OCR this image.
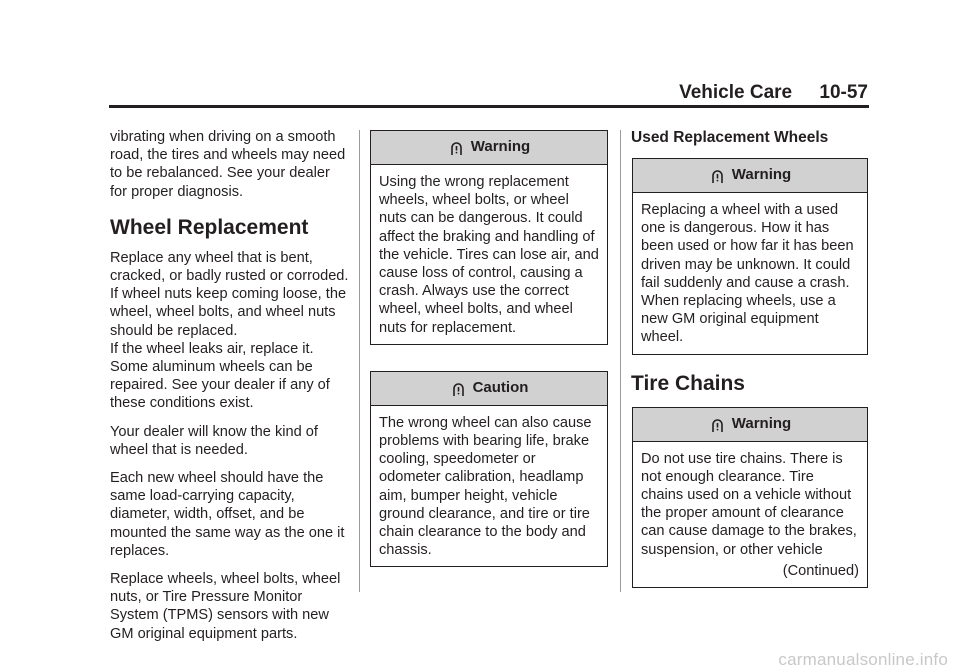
Vehicle Care 10-57

vibrating when driving on a smooth road, the tires and wheels may need to be rebalanced. See your dealer for proper diagnosis.

Wheel Replacement

Replace any wheel that is bent, cracked, or badly rusted or corroded. If wheel nuts keep coming loose, the wheel, wheel bolts, and wheel nuts should be replaced.

If the wheel leaks air, replace it. Some aluminum wheels can be repaired. See your dealer if any of these conditions exist.

Your dealer will know the kind of wheel that is needed.

Each new wheel should have the same load-carrying capacity, diameter, width, offset, and be mounted the same way as the one it replaces.

Replace wheels, wheel bolts, wheel nuts, or Tire Pressure Monitor System (TPMS) sensors with new GM original equipment parts.

Warning

Using the wrong replacement wheels, wheel bolts, or wheel nuts can be dangerous. It could affect the braking and handling of the vehicle. Tires can lose air, and cause loss of control, causing a crash. Always use the correct wheel, wheel bolts, and wheel nuts for replacement.

Caution

The wrong wheel can also cause problems with bearing life, brake cooling, speedometer or odometer calibration, headlamp aim, bumper height, vehicle ground clearance, and tire or tire chain clearance to the body and chassis.

Used Replacement Wheels
Warning

Replacing a wheel with a used one is dangerous. How it has been used or how far it has been driven may be unknown. It could fail suddenly and cause a crash. When replacing wheels, use a new GM original equipment wheel.

Tire Chains
Warning

Do not use tire chains. There is not enough clearance. Tire chains used on a vehicle without the proper amount of clearance can cause damage to the brakes, suspension, or other vehicle

(Continued)
carmanualsonline.info
